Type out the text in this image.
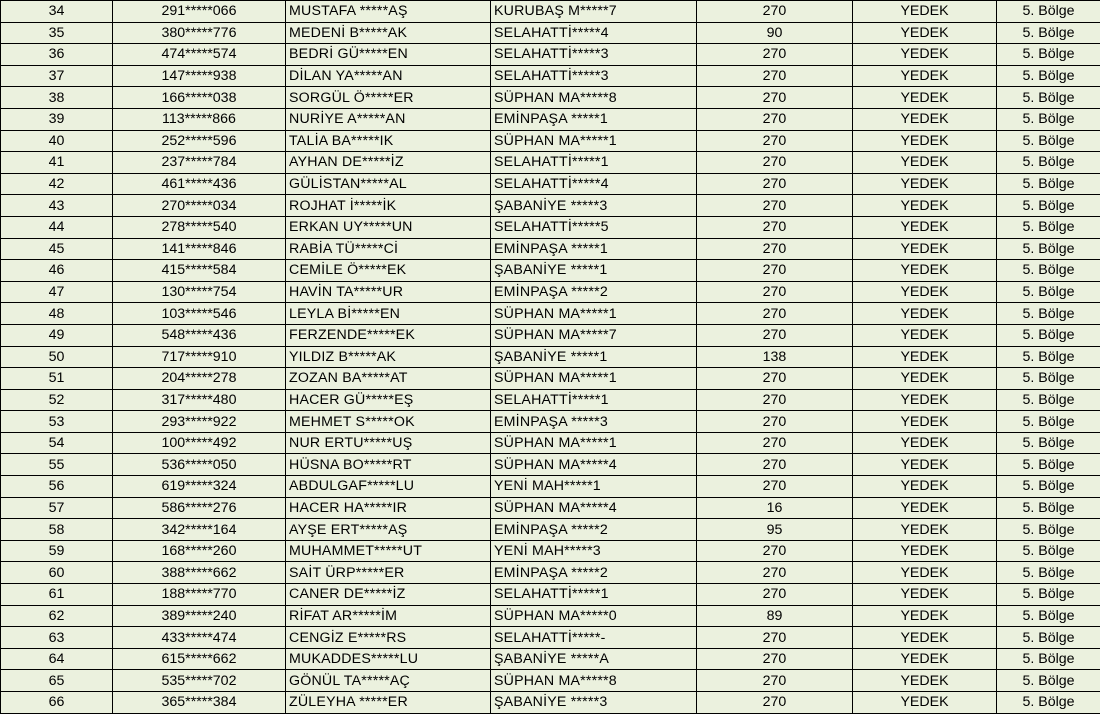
34	291*****066	MUSTAFA *****AŞ	KURUBAŞ M*****7	270	YEDEK	5. Bölge
35	380*****776	MEDENİ B*****AK	SELAHATTİ*****4	90	YEDEK	5. Bölge
36	474*****574	BEDRİ GÜ*****EN	SELAHATTİ*****3	270	YEDEK	5. Bölge
37	147*****938	DİLAN YA*****AN	SELAHATTİ*****3	270	YEDEK	5. Bölge
38	166*****038	SORGÜL Ö*****ER	SÜPHAN MA*****8	270	YEDEK	5. Bölge
39	113*****866	NURİYE A*****AN	EMİNPAŞA *****1	270	YEDEK	5. Bölge
40	252*****596	TALİA BA*****IK	SÜPHAN MA*****1	270	YEDEK	5. Bölge
41	237*****784	AYHAN DE*****İZ	SELAHATTİ*****1	270	YEDEK	5. Bölge
42	461*****436	GÜLİSTAN*****AL	SELAHATTİ*****4	270	YEDEK	5. Bölge
43	270*****034	ROJHAT İ*****İK	ŞABANİYE *****3	270	YEDEK	5. Bölge
44	278*****540	ERKAN UY*****UN	SELAHATTİ*****5	270	YEDEK	5. Bölge
45	141*****846	RABİA TÜ*****Cİ	EMİNPAŞA *****1	270	YEDEK	5. Bölge
46	415*****584	CEMİLE Ö*****EK	ŞABANİYE *****1	270	YEDEK	5. Bölge
47	130*****754	HAVİN TA*****UR	EMİNPAŞA *****2	270	YEDEK	5. Bölge
48	103*****546	LEYLA Bİ*****EN	SÜPHAN MA*****1	270	YEDEK	5. Bölge
49	548*****436	FERZENDE*****EK	SÜPHAN MA*****7	270	YEDEK	5. Bölge
50	717*****910	YILDIZ B*****AK	ŞABANİYE *****1	138	YEDEK	5. Bölge
51	204*****278	ZOZAN BA*****AT	SÜPHAN MA*****1	270	YEDEK	5. Bölge
52	317*****480	HACER GÜ*****EŞ	SELAHATTİ*****1	270	YEDEK	5. Bölge
53	293*****922	MEHMET S*****OK	EMİNPAŞA *****3	270	YEDEK	5. Bölge
54	100*****492	NUR ERTU*****UŞ	SÜPHAN MA*****1	270	YEDEK	5. Bölge
55	536*****050	HÜSNA BO*****RT	SÜPHAN MA*****4	270	YEDEK	5. Bölge
56	619*****324	ABDULGAF*****LU	YENİ MAH*****1	270	YEDEK	5. Bölge
57	586*****276	HACER HA*****IR	SÜPHAN MA*****4	16	YEDEK	5. Bölge
58	342*****164	AYŞE ERT*****AŞ	EMİNPAŞA *****2	95	YEDEK	5. Bölge
59	168*****260	MUHAMMET*****UT	YENİ MAH*****3	270	YEDEK	5. Bölge
60	388*****662	SAİT ÜRP*****ER	EMİNPAŞA *****2	270	YEDEK	5. Bölge
61	188*****770	CANER DE*****İZ	SELAHATTİ*****1	270	YEDEK	5. Bölge
62	389*****240	RİFAT AR*****İM	SÜPHAN MA*****0	89	YEDEK	5. Bölge
63	433*****474	CENGİZ E*****RS	SELAHATTİ*****-	270	YEDEK	5. Bölge
64	615*****662	MUKADDES*****LU	ŞABANİYE *****A	270	YEDEK	5. Bölge
65	535*****702	GÖNÜL TA*****AÇ	SÜPHAN MA*****8	270	YEDEK	5. Bölge
66	365*****384	ZÜLEYHA *****ER	ŞABANİYE *****3	270	YEDEK	5. Bölge
